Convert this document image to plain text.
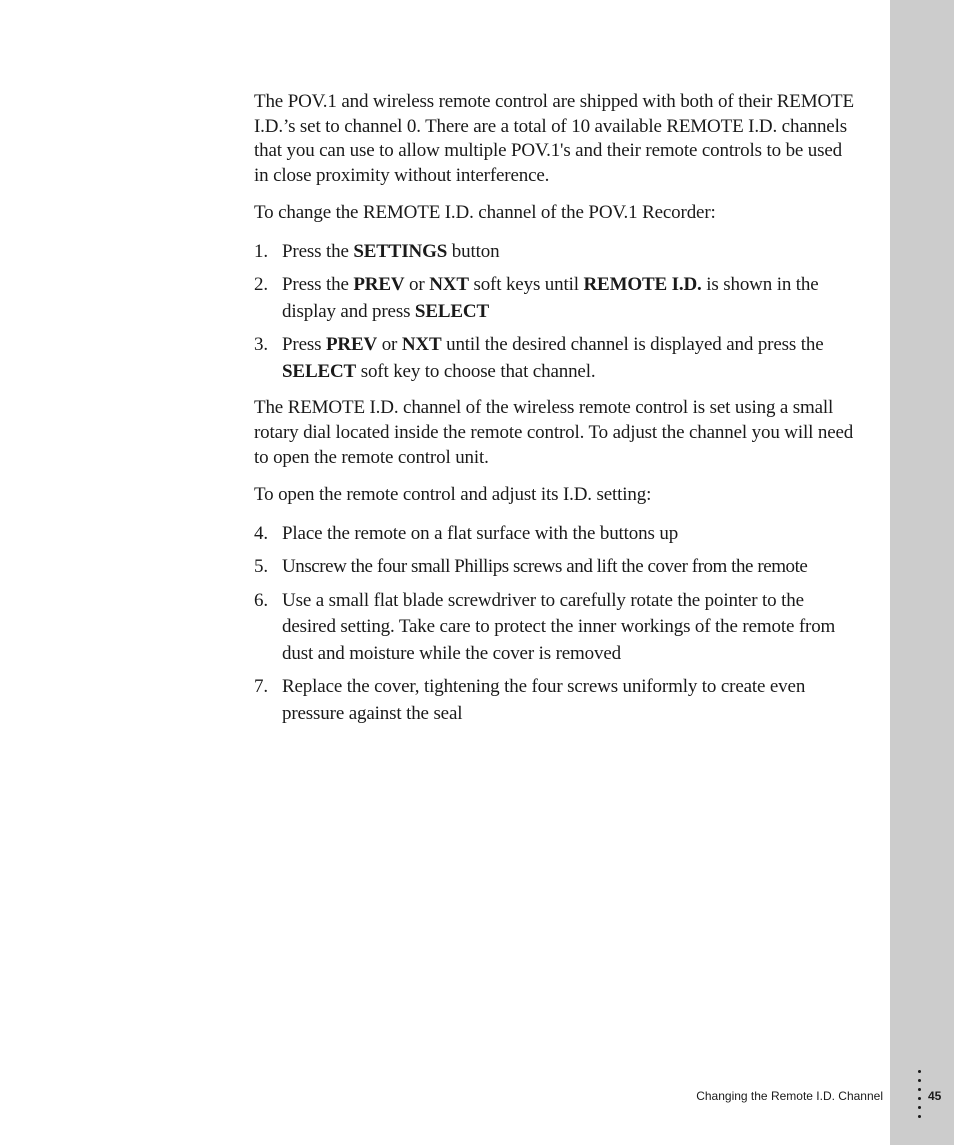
The POV.1 and wireless remote control are shipped with both of their REMOTE I.D.’s set to channel 0. There are a total of 10 available REMOTE I.D. channels that you can use to allow multiple POV.1's and their remote controls to be used in close proximity without interference.

To change the REMOTE I.D. channel of the POV.1 Recorder:

1. Press the SETTINGS button
2. Press the PREV or NXT soft keys until REMOTE I.D. is shown in the display and press SELECT
3. Press PREV or NXT until the desired channel is displayed and press the SELECT soft key to choose that channel.

The REMOTE I.D. channel of the wireless remote control is set using a small rotary dial located inside the remote control. To adjust the channel you will need to open the remote control unit.

To open the remote control and adjust its I.D. setting:

4. Place the remote on a flat surface with the buttons up
5. Unscrew the four small Phillips screws and lift the cover from the remote
6. Use a small flat blade screwdriver to carefully rotate the pointer to the desired setting. Take care to protect the inner workings of the remote from dust and moisture while the cover is removed
7. Replace the cover, tightening the four screws uniformly to create even pressure against the seal
Changing the Remote I.D. Channel	45
